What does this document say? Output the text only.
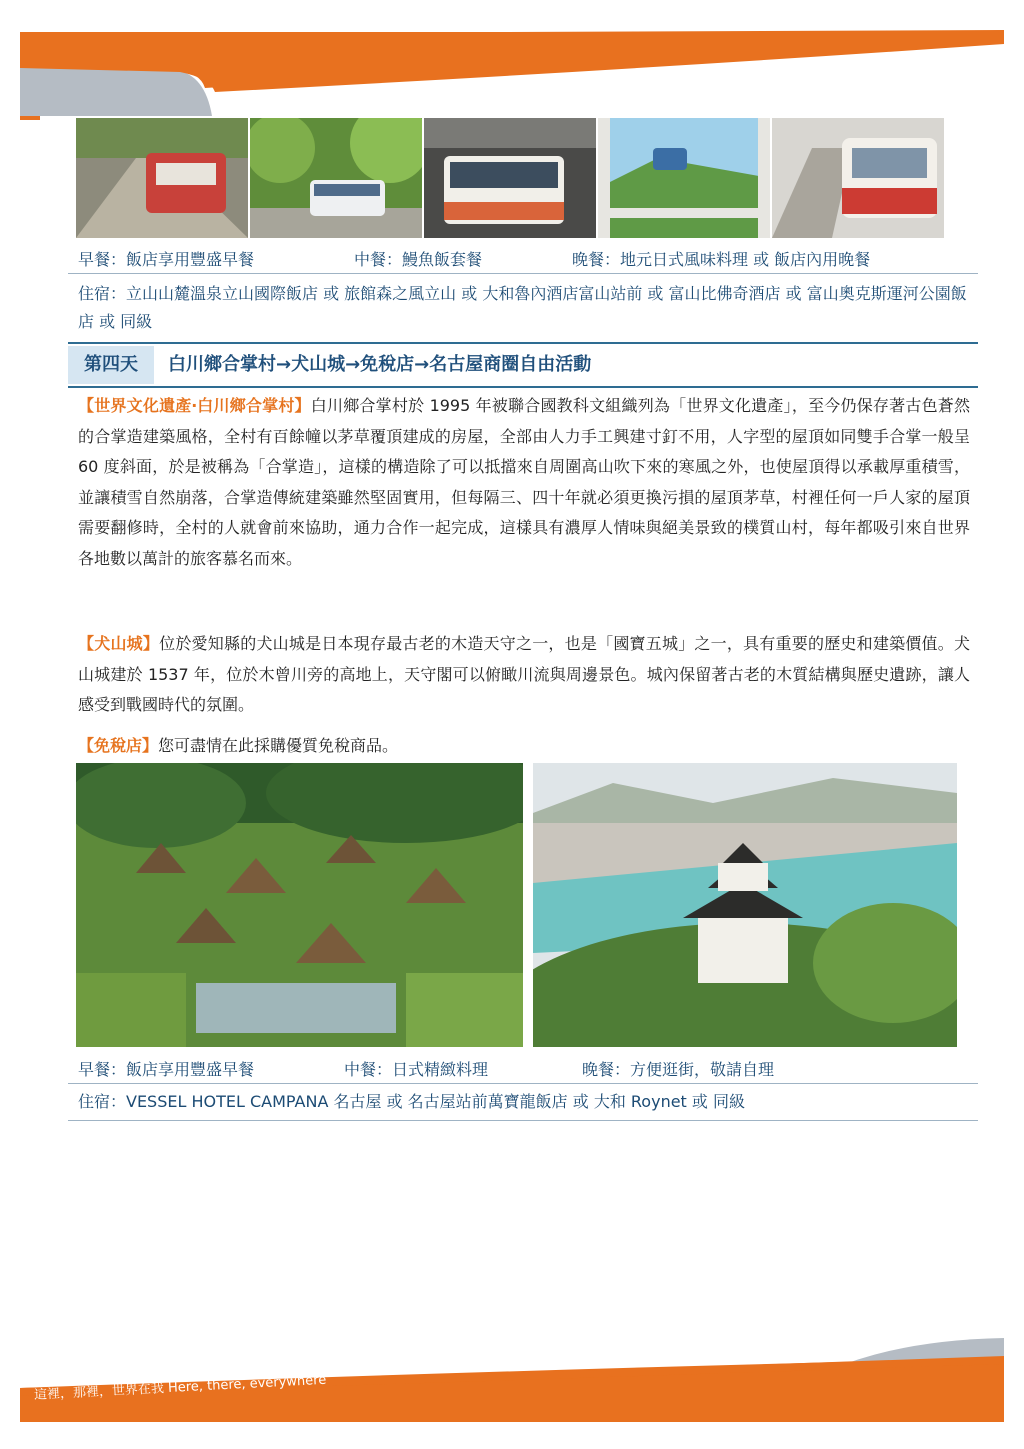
這裡，那裡，世界在我 Here, there, everywhere
早餐：飯店享用豐盛早餐	中餐：鰻魚飯套餐	晚餐：地元日式風味料理 或 飯店內用晚餐
住宿：立山山麓溫泉立山國際飯店 或 旅館森之風立山 或 大和魯內酒店富山站前 或 富山比佛奇酒店 或 富山奧克斯運河公園飯店 或 同級
第四天	白川鄉合掌村→犬山城→免稅店→名古屋商圈自由活動
【世界文化遺產‧白川鄉合掌村】白川鄉合掌村於 1995 年被聯合國教科文組織列為「世界文化遺產」，至今仍保存著古色蒼然的合掌造建築風格，全村有百餘幢以茅草覆頂建成的房屋，全部由人力手工興建寸釘不用，人字型的屋頂如同雙手合掌一般呈 60 度斜面，於是被稱為「合掌造」，這樣的構造除了可以抵擋來自周圍高山吹下來的寒風之外，也使屋頂得以承載厚重積雪，並讓積雪自然崩落，合掌造傳統建築雖然堅固實用，但每隔三、四十年就必須更換污損的屋頂茅草，村裡任何一戶人家的屋頂需要翻修時，全村的人就會前來協助，通力合作一起完成，這樣具有濃厚人情味與絕美景致的樸質山村，每年都吸引來自世界各地數以萬計的旅客慕名而來。
【犬山城】位於愛知縣的犬山城是日本現存最古老的木造天守之一，也是「國寶五城」之一，具有重要的歷史和建築價值。犬山城建於 1537 年，位於木曾川旁的高地上，天守閣可以俯瞰川流與周邊景色。城內保留著古老的木質結構與歷史遺跡，讓人感受到戰國時代的氛圍。
【免稅店】您可盡情在此採購優質免稅商品。
早餐：飯店享用豐盛早餐	中餐：日式精緻料理	晚餐：方便逛街，敬請自理
住宿：VESSEL HOTEL CAMPANA 名古屋 或 名古屋站前萬寶龍飯店 或 大和 Roynet 或 同級
這裡，那裡，世界在我 Here, there, everywhere
